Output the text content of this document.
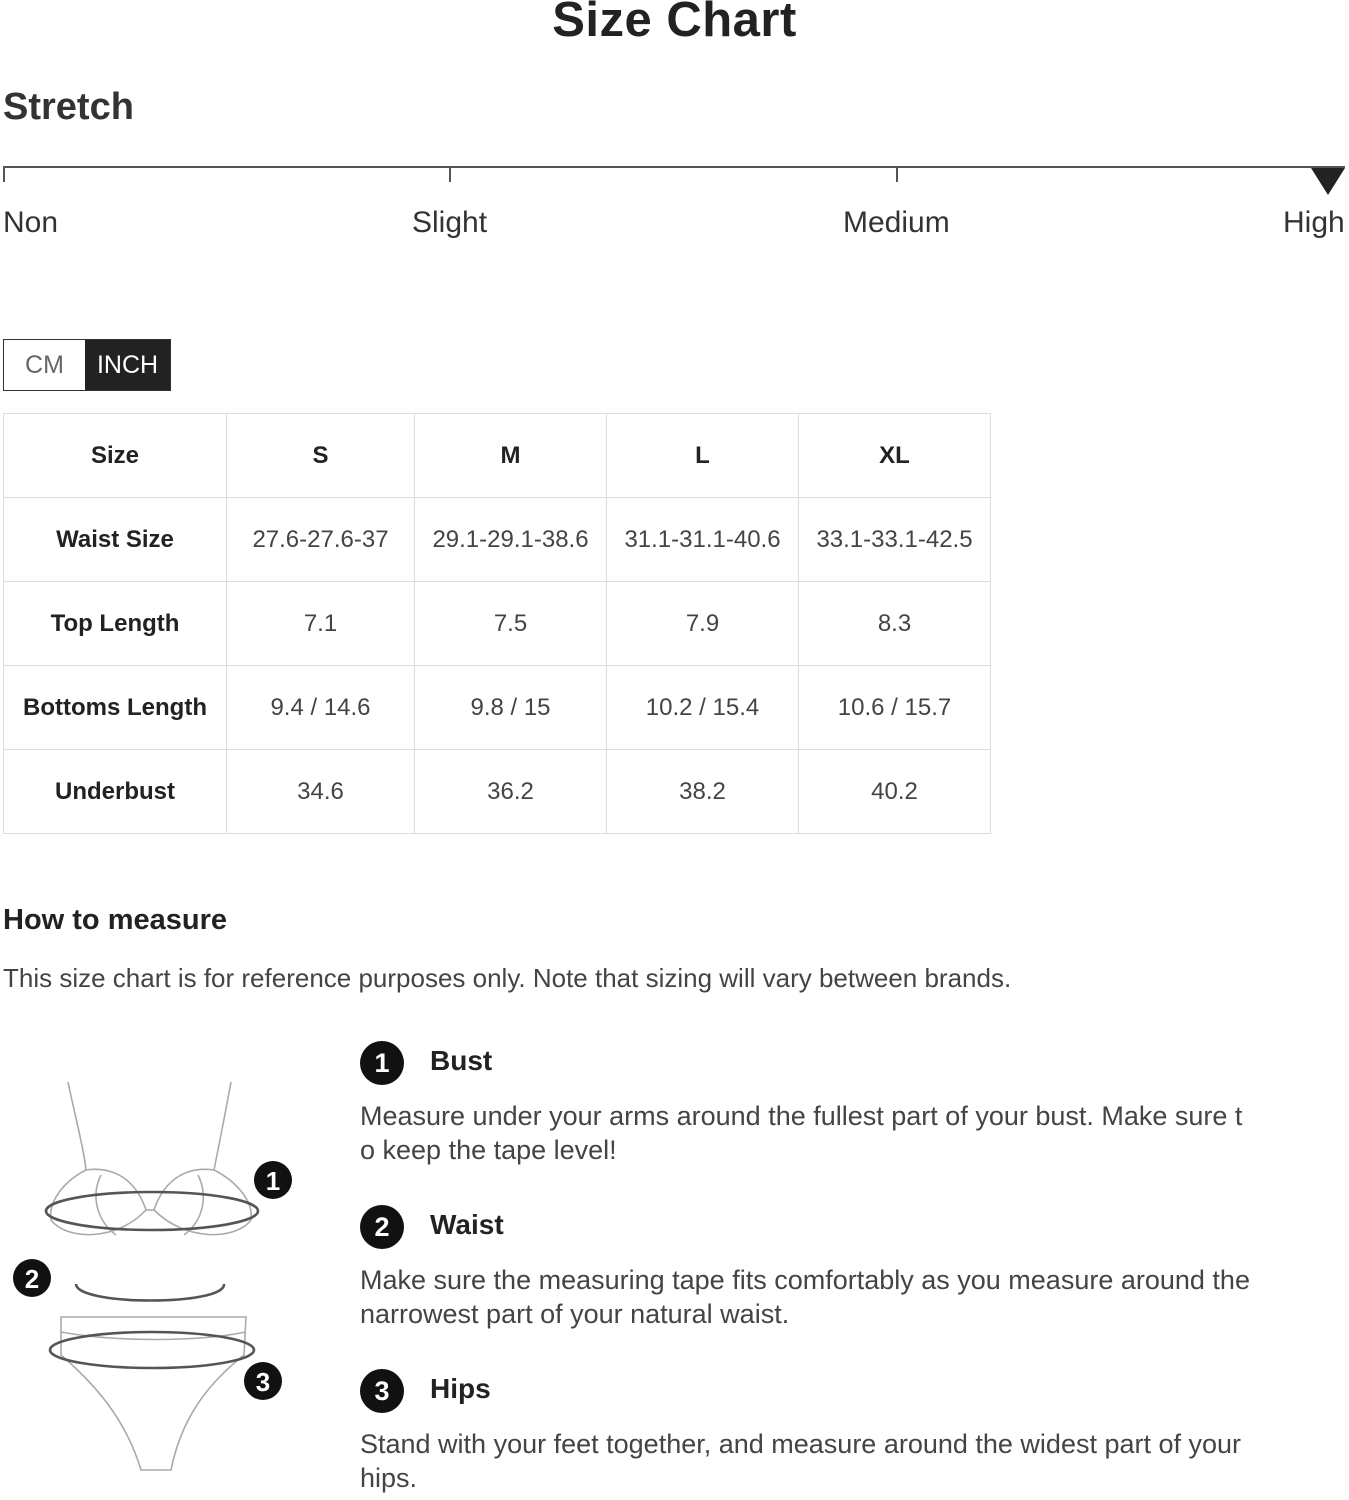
Size Chart
Stretch
Non	Slight	Medium	High
CM	INCH
Size	S	M	L	XL
Waist Size	27.6-27.6-37	29.1-29.1-38.6	31.1-31.1-40.6	33.1-33.1-42.5
Top Length	7.1	7.5	7.9	8.3
Bottoms Length	9.4 / 14.6	9.8 / 15	10.2 / 15.4	10.6 / 15.7
Underbust	34.6	36.2	38.2	40.2
How to measure
This size chart is for reference purposes only. Note that sizing will vary between brands.
1
2
3
1	Bust
Measure under your arms around the fullest part of your bust. Make sure to keep the tape level!
2	Waist
Make sure the measuring tape fits comfortably as you measure around the narrowest part of your natural waist.
3	Hips
Stand with your feet together, and measure around the widest part of your hips.
